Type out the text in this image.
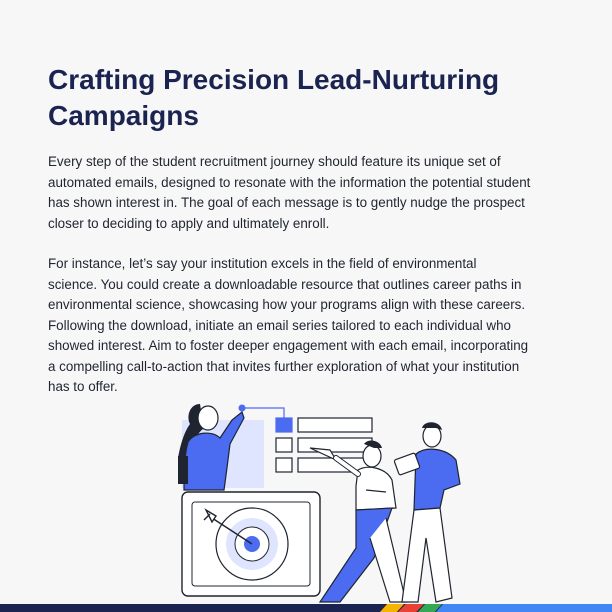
Crafting Precision Lead-Nurturing
Campaigns

Every step of the student recruitment journey should feature its unique set of
automated emails, designed to resonate with the information the potential student
has shown interest in. The goal of each message is to gently nudge the prospect
closer to deciding to apply and ultimately enroll.

For instance, let’s say your institution excels in the field of environmental
science. You could create a downloadable resource that outlines career paths in
environmental science, showcasing how your programs align with these careers.
Following the download, initiate an email series tailored to each individual who
showed interest. Aim to foster deeper engagement with each email, incorporating
a compelling call-to-action that invites further exploration of what your institution
has to offer.
